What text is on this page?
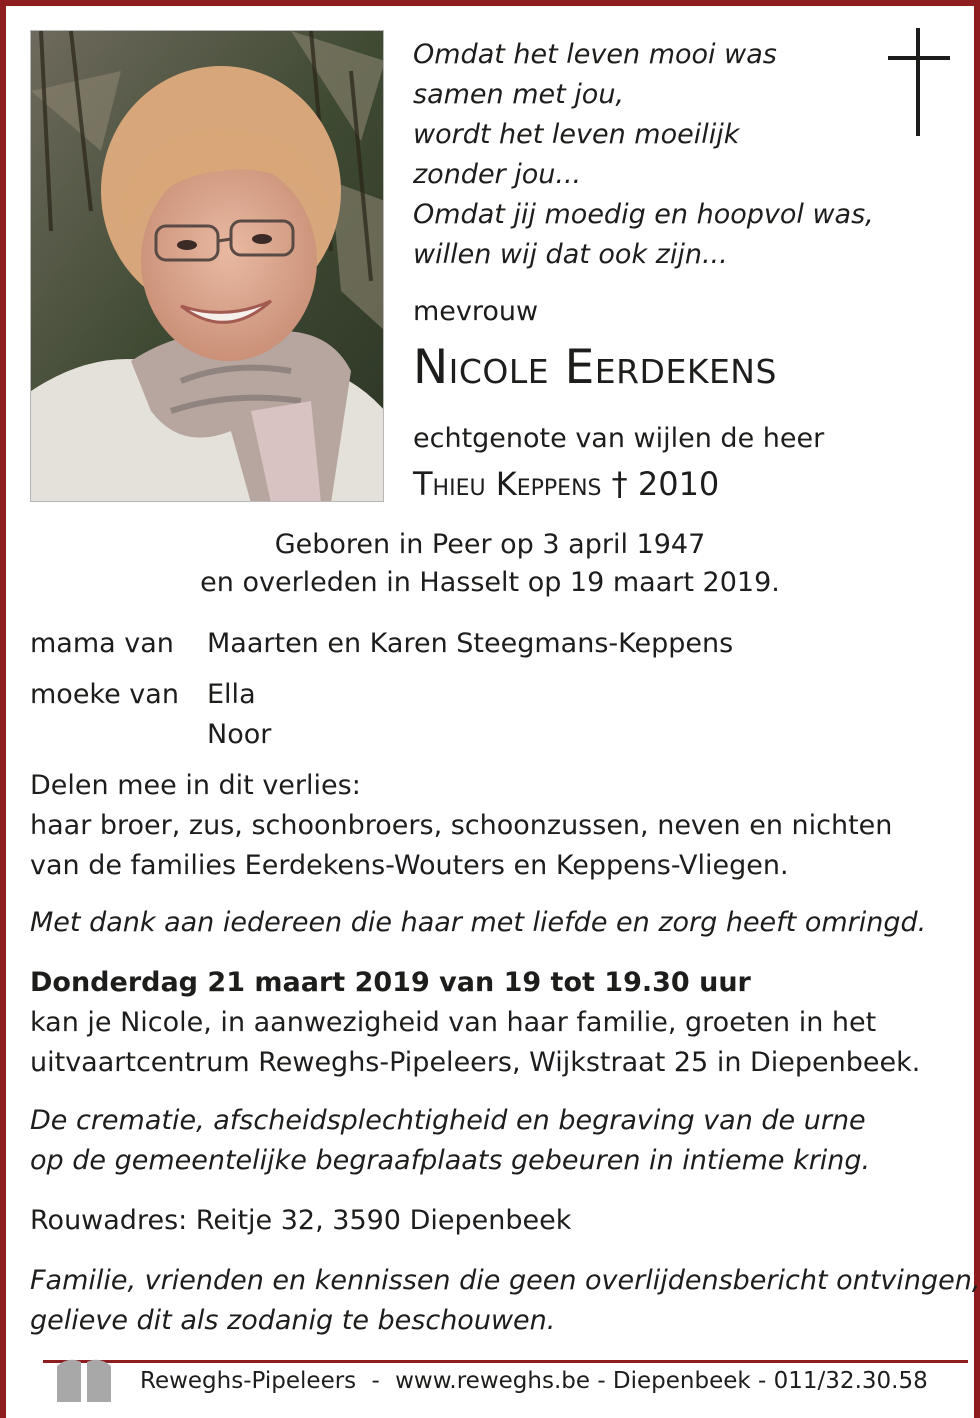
Omdat het leven mooi was
samen met jou,
wordt het leven moeilijk
zonder jou...
Omdat jij moedig en hoopvol was,
willen wij dat ook zijn...
mevrouw
Nicole Eerdekens
echtgenote van wijlen de heer
Thieu Keppens † 2010
Geboren in Peer op 3 april 1947
en overleden in Hasselt op 19 maart 2019.
mama van Maarten en Karen Steegmans-Keppens
moeke van Ella
Noor
Delen mee in dit verlies:
haar broer, zus, schoonbroers, schoonzussen, neven en nichten
van de families Eerdekens-Wouters en Keppens-Vliegen.
Met dank aan iedereen die haar met liefde en zorg heeft omringd.
Donderdag 21 maart 2019 van 19 tot 19.30 uur
kan je Nicole, in aanwezigheid van haar familie, groeten in het
uitvaartcentrum Reweghs-Pipeleers, Wijkstraat 25 in Diepenbeek.
De crematie, afscheidsplechtigheid en begraving van de urne
op de gemeentelijke begraafplaats gebeuren in intieme kring.
Rouwadres: Reitje 32, 3590 Diepenbeek
Familie, vrienden en kennissen die geen overlijdensbericht ontvingen,
gelieve dit als zodanig te beschouwen.
Reweghs-Pipeleers - www.reweghs.be - Diepenbeek - 011/32.30.58
